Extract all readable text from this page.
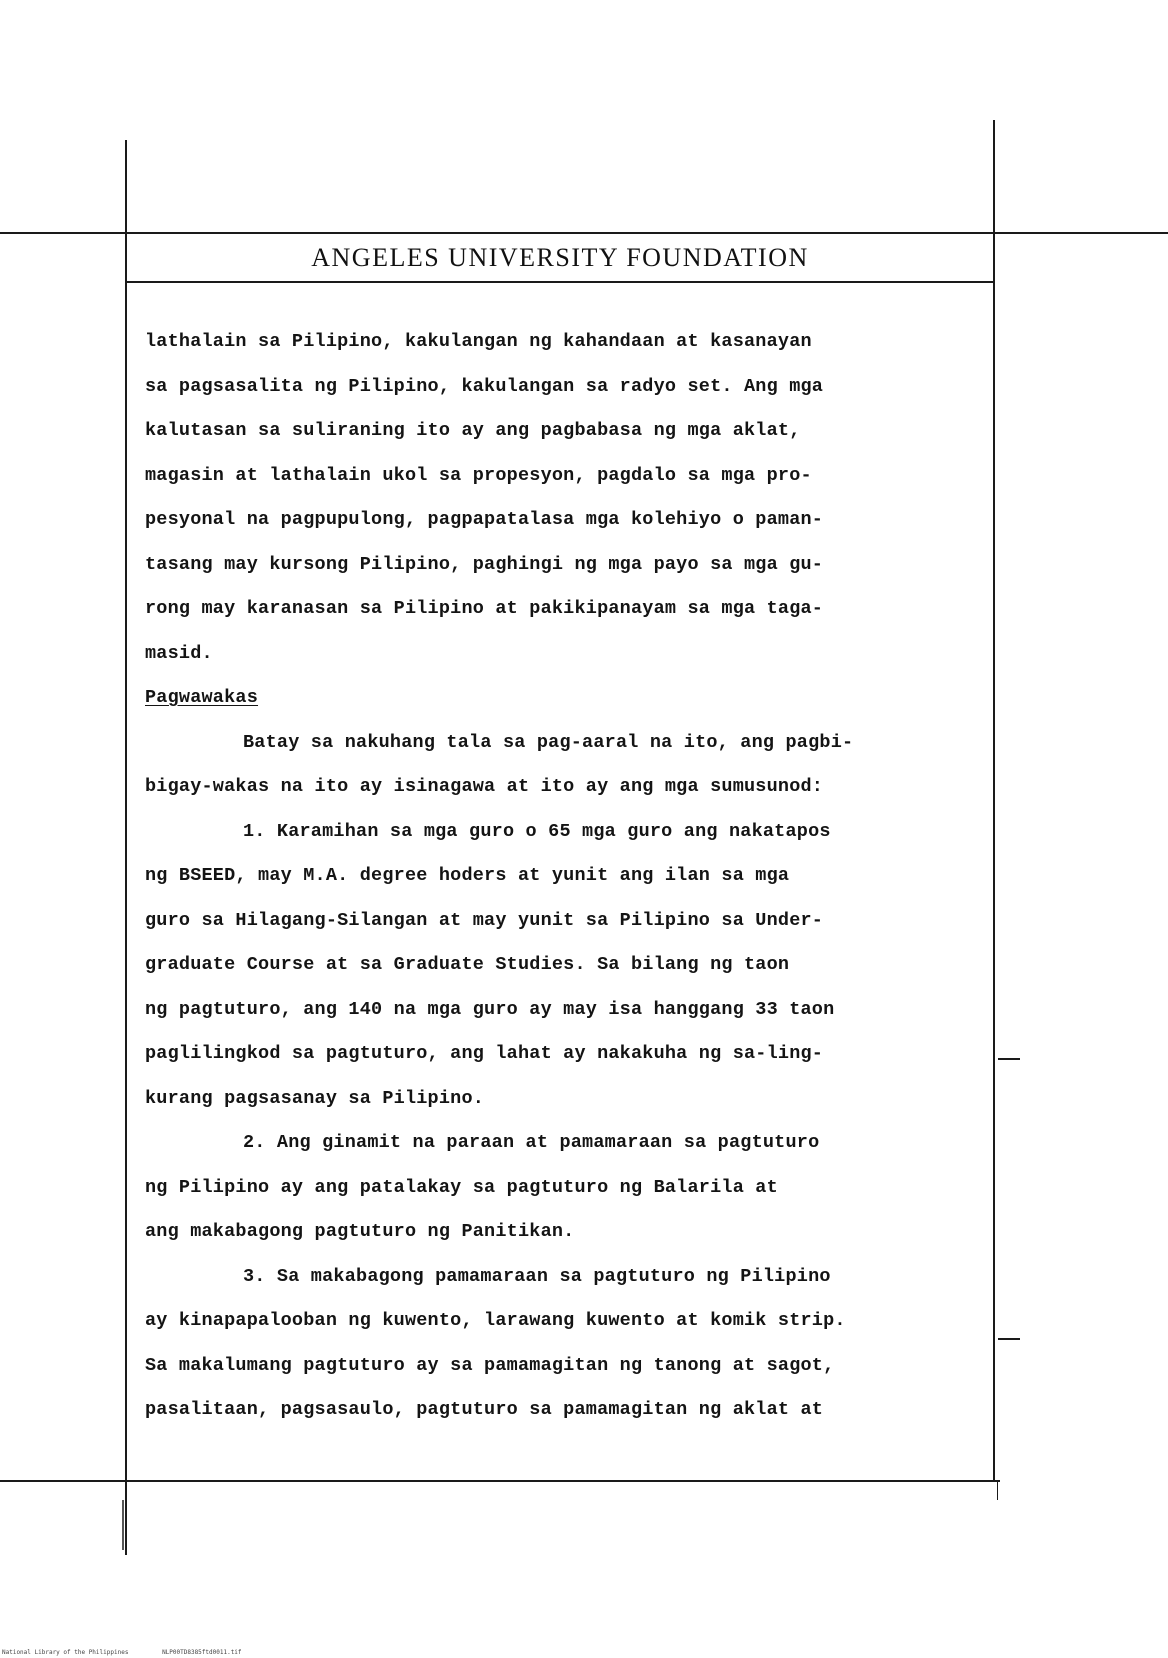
ANGELES UNIVERSITY FOUNDATION
lathalain sa Pilipino, kakulangan ng kahandaan at kasanayan
sa pagsasalita ng Pilipino, kakulangan sa radyo set. Ang mga
kalutasan sa suliraning ito ay ang pagbabasa ng mga aklat,
magasin at lathalain ukol sa propesyon, pagdalo sa mga pro-
pesyonal na pagpupulong, pagpapatalasa mga kolehiyo o paman-
tasang may kursong Pilipino, paghingi ng mga payo sa mga gu-
rong may karanasan sa Pilipino at pakikipanayam sa mga taga-
masid.
Pagwawakas
Batay sa nakuhang tala sa pag-aaral na ito, ang pagbi-
bigay-wakas na ito ay isinagawa at ito ay ang mga sumusunod:
1. Karamihan sa mga guro o 65 mga guro ang nakatapos
ng BSEED, may M.A. degree hoders at yunit ang ilan sa mga
guro sa Hilagang-Silangan at may yunit sa Pilipino sa Under-
graduate Course at sa Graduate Studies. Sa bilang ng taon
ng pagtuturo, ang 140 na mga guro ay may isa hanggang 33 taon
paglilingkod sa pagtuturo, ang lahat ay nakakuha ng sa-ling-
kurang pagsasanay sa Pilipino.
2. Ang ginamit na paraan at pamamaraan sa pagtuturo
ng Pilipino ay ang patalakay sa pagtuturo ng Balarila at
ang makabagong pagtuturo ng Panitikan.
3. Sa makabagong pamamaraan sa pagtuturo ng Pilipino
ay kinapapalooban ng kuwento, larawang kuwento at komik strip.
Sa makalumang pagtuturo ay sa pamamagitan ng tanong at sagot,
pasalitaan, pagsasaulo, pagtuturo sa pamamagitan ng aklat at
National Library of the Philippines	NLP00TD8385ftd0011.tif
